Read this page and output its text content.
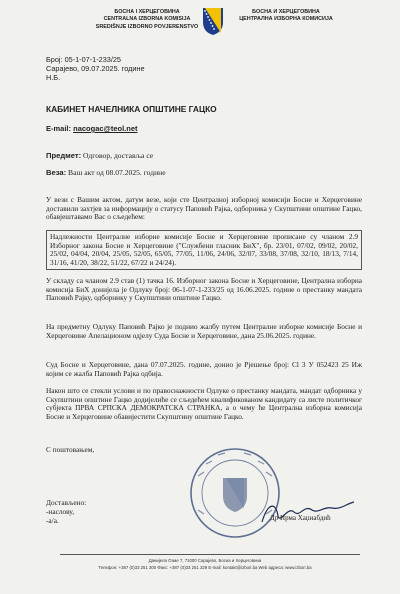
БОСНА І ХЕРЦЕГОВИНА
CENTRALNA IZBORNA KOMISIJA
SREDIŠNJE IZBORNO POVJERENSTVO
БОСНА И ХЕРЦЕГОВИНА
ЦЕНТРАЛНА ИЗБОРНА КОМИСИЈА
Број: 05-1-07-1-233/25
Сарајево, 09.07.2025. године
Н.Б.
КАБИНЕТ НАЧЕЛНИКА ОПШТИНЕ ГАЦКО
E-mail: nacogac@teol.net
Предмет: Одговор, доставља се
Веза: Ваш акт од 08.07.2025. године
У вези с Вашим актом, датум везе, који сте Централној изборној комисији Босне и Херцеговине доставили захтјев за информацију о статусу Паповић Рајка, одборника у Скупштини општине Гацко, обавјештавамо Вас о сљедећем:
Надлежности Централне изборне комисије Босне и Херцеговине прописане су чланом 2.9 Изборног закона Босне и Херцеговине ("Службени гласник БиХ", бр. 23/01, 07/02, 09/02, 20/02, 25/02, 04/04, 20/04, 25/05, 52/05, 65/05, 77/05, 11/06, 24/06, 32/07, 33/08, 37/08, 32/10, 18/13, 7/14, 31/16, 41/20, 38/22, 51/22, 67/22 и 24/24).
У складу са чланом 2.9 став (1) тачка 16. Изборног закона Босне и Херцеговине, Централна изборна комисија БиХ донијела је Одлуку број: 06-1-07-1-233/25 од 16.06.2025. године о престанку мандата Паповић Рајку, одборнику у Скупштини општине Гацко.
На предметну Одлуку Паповић Рајко је поднио жалбу путем Централне изборне комисије Босне и Херцеговине Апелационом одјелу Суда Босне и Херцеговине, дана 25.06.2025. године.
Суд Босне и Херцеговине, дана 07.07.2025. године, донио је Рјешење број: Сl 3 У 052423 25 Иж којим се жалба Паповић Рајка одбија.
Након што се стекли услови и по правоснажности Одлуке о престанку мандата, мандат одборника у Скупштини општине Гацко додијелиће се сљедећем квалификованом кандидату са листе политичког субјекта ПРВА СРПСКА ДЕМОКРАТСКА СТРАНКА, а о чему ће Централна изборна комисија Босне и Херцеговине обавијестити Скупштину општине Гацко.
С поштовањем,
Др Ирма Хаџиабдић
Достављено:
-наслову,
-а/а.
Данијела Озме 7, 71000 Сарајево, Босна и Херцеговина
Телефон: +387 (0)33 251 300 Факс: +387 (0)33 251 329 E-mail: kontakt@izbori.ba Web адреса: www.izbori.ba
